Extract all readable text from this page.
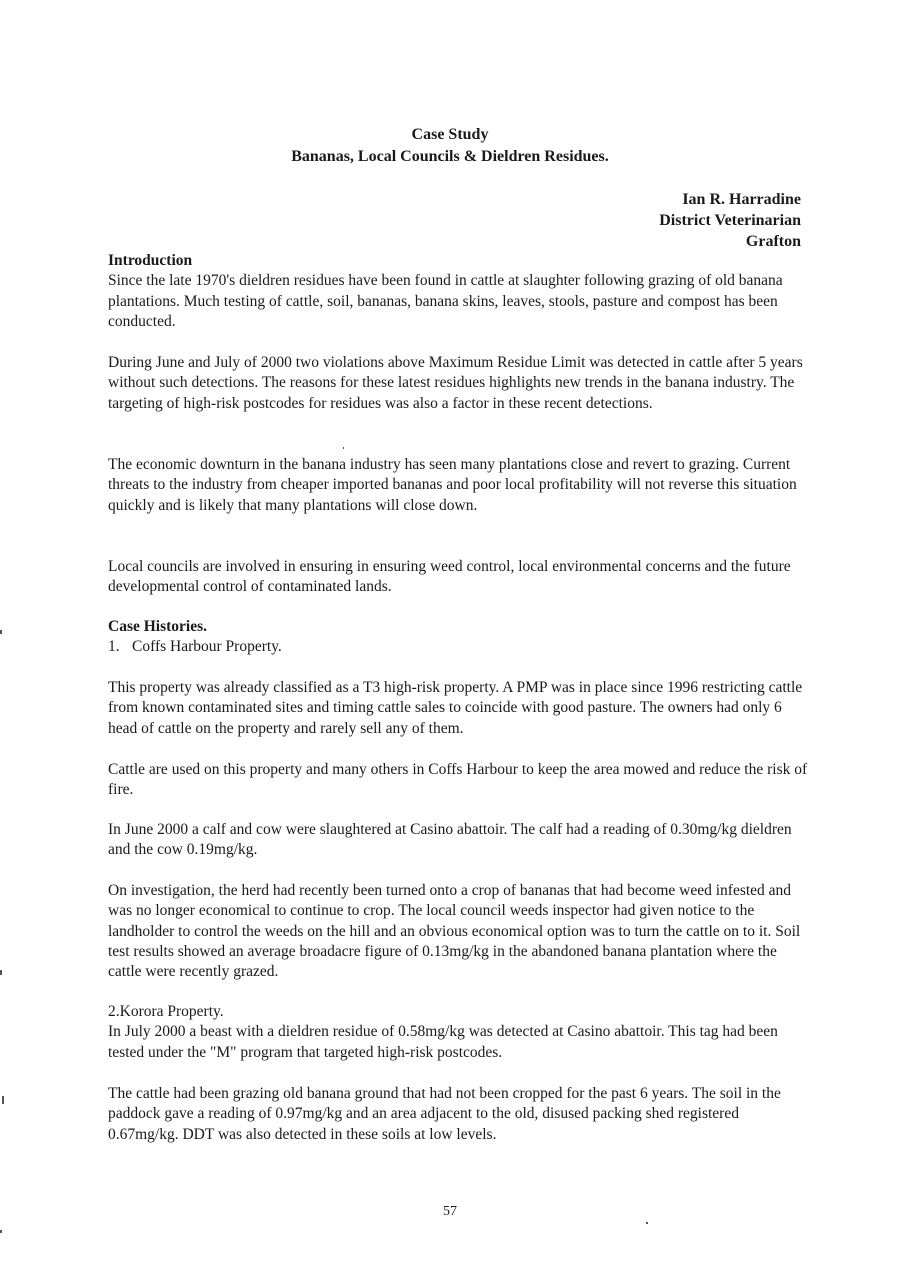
Case Study
Bananas, Local Councils & Dieldren Residues.
Ian R. Harradine
District Veterinarian
Grafton
Introduction

Since the late 1970's dieldren residues have been found in cattle at slaughter following grazing of old banana plantations. Much testing of cattle, soil, bananas, banana skins, leaves, stools, pasture and compost has been conducted.

During June and July of 2000 two violations above Maximum Residue Limit was detected in cattle after 5 years without such detections. The reasons for these latest residues highlights new trends in the banana industry. The targeting of high-risk postcodes for residues was also a factor in these recent detections.

The economic downturn in the banana industry has seen many plantations close and revert to grazing. Current threats to the industry from cheaper imported bananas and poor local profitability will not reverse this situation quickly and is likely that many plantations will close down.

Local councils are involved in ensuring in ensuring weed control, local environmental concerns and the future developmental control of contaminated lands.

Case Histories.
1. Coffs Harbour Property.

This property was already classified as a T3 high-risk property. A PMP was in place since 1996 restricting cattle from known contaminated sites and timing cattle sales to coincide with good pasture. The owners had only 6 head of cattle on the property and rarely sell any of them.

Cattle are used on this property and many others in Coffs Harbour to keep the area mowed and reduce the risk of fire.

In June 2000 a calf and cow were slaughtered at Casino abattoir. The calf had a reading of 0.30mg/kg dieldren and the cow 0.19mg/kg.

On investigation, the herd had recently been turned onto a crop of bananas that had become weed infested and was no longer economical to continue to crop. The local council weeds inspector had given notice to the landholder to control the weeds on the hill and an obvious economical option was to turn the cattle on to it. Soil test results showed an average broadacre figure of 0.13mg/kg in the abandoned banana plantation where the cattle were recently grazed.

2.Korora Property.

In July 2000 a beast with a dieldren residue of 0.58mg/kg was detected at Casino abattoir. This tag had been tested under the "M" program that targeted high-risk postcodes.

The cattle had been grazing old banana ground that had not been cropped for the past 6 years. The soil in the paddock gave a reading of 0.97mg/kg and an area adjacent to the old, disused packing shed registered 0.67mg/kg. DDT was also detected in these soils at low levels.

57
